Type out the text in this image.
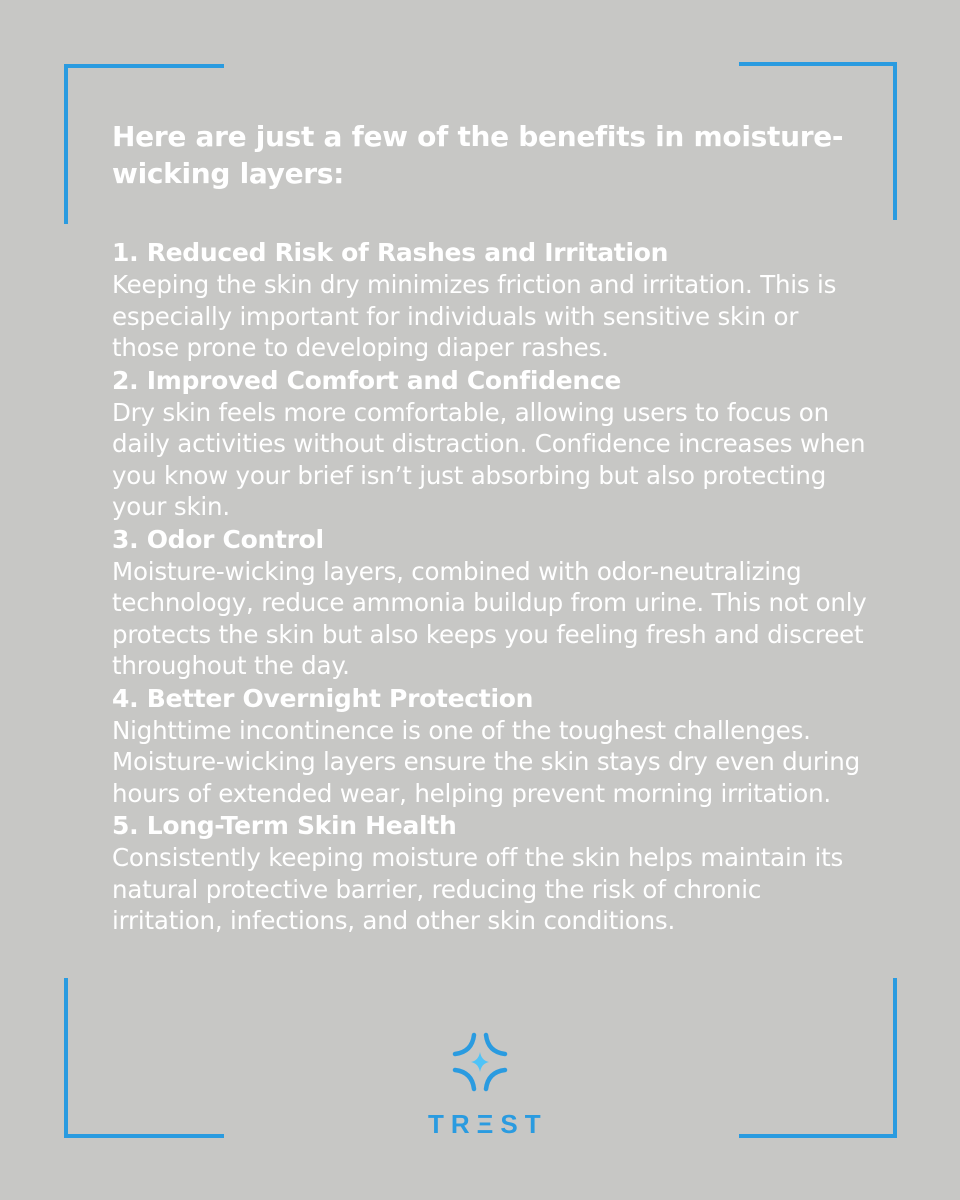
Here are just a few of the benefits in moisture-wicking layers:
1. Reduced Risk of Rashes and Irritation
Keeping the skin dry minimizes friction and irritation. This is especially important for individuals with sensitive skin or those prone to developing diaper rashes.
2. Improved Comfort and Confidence
Dry skin feels more comfortable, allowing users to focus on daily activities without distraction. Confidence increases when you know your brief isn’t just absorbing but also protecting your skin.
3. Odor Control
Moisture-wicking layers, combined with odor-neutralizing technology, reduce ammonia buildup from urine. This not only protects the skin but also keeps you feeling fresh and discreet throughout the day.
4. Better Overnight Protection
Nighttime incontinence is one of the toughest challenges. Moisture-wicking layers ensure the skin stays dry even during hours of extended wear, helping prevent morning irritation.
5. Long-Term Skin Health
Consistently keeping moisture off the skin helps maintain its natural protective barrier, reducing the risk of chronic irritation, infections, and other skin conditions.
TRΞST
